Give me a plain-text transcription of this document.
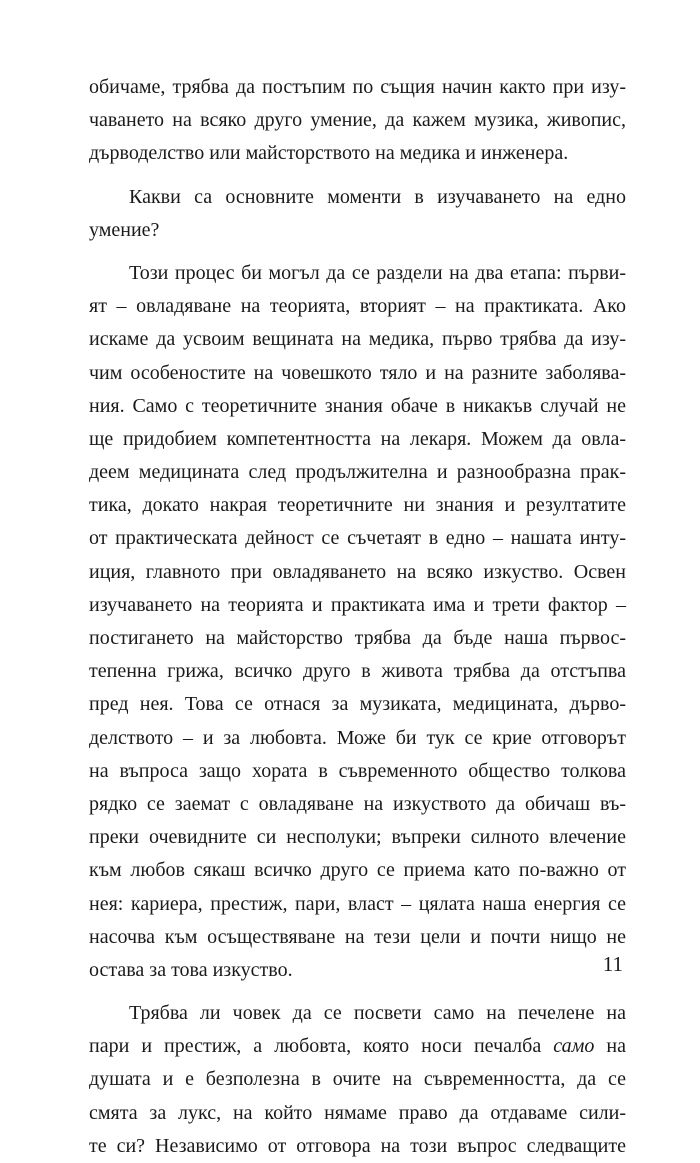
обичаме, трябва да постъпим по същия начин както при изу-
чаването на всяко друго умение, да кажем музика, живопис,
дърводелство или майсторството на медика и инженера.
Какви са основните моменти в изучаването на едно
умение?
Този процес би могъл да се раздели на два етапа: първи-
ят – овладяване на теорията, вторият – на практиката. Ако
искаме да усвоим вещината на медика, първо трябва да изу-
чим особеностите на човешкото тяло и на разните заболява-
ния. Само с теоретичните знания обаче в никакъв случай не
ще придобием компетентността на лекаря. Можем да овла-
деем медицината след продължителна и разнообразна прак-
тика, докато накрая теоретичните ни знания и резултатите
от практическата дейност се съчетаят в едно – нашата инту-
иция, главното при овладяването на всяко изкуство. Освен
изучаването на теорията и практиката има и трети фактор –
постигането на майсторство трябва да бъде наша първос-
тепенна грижа, всичко друго в живота трябва да отстъпва
пред нея. Това се отнася за музиката, медицината, дърво-
делството – и за любовта. Може би тук се крие отговорът
на въпроса защо хората в съвременното общество толкова
рядко се заемат с овладяване на изкуството да обичаш въ-
преки очевидните си несполуки; въпреки силното влечение
към любов сякаш всичко друго се приема като по-важно от
нея: кариера, престиж, пари, власт – цялата наша енергия се
насочва към осъществяване на тези цели и почти нищо не
остава за това изкуство.
Трябва ли човек да се посвети само на печелене на
пари и престиж, а любовта, която носи печалба само на
душата и е безполезна в очите на съвременността, да се
смята за лукс, на който нямаме право да отдаваме сили-
те си? Независимо от отговора на този въпрос следващите
11
